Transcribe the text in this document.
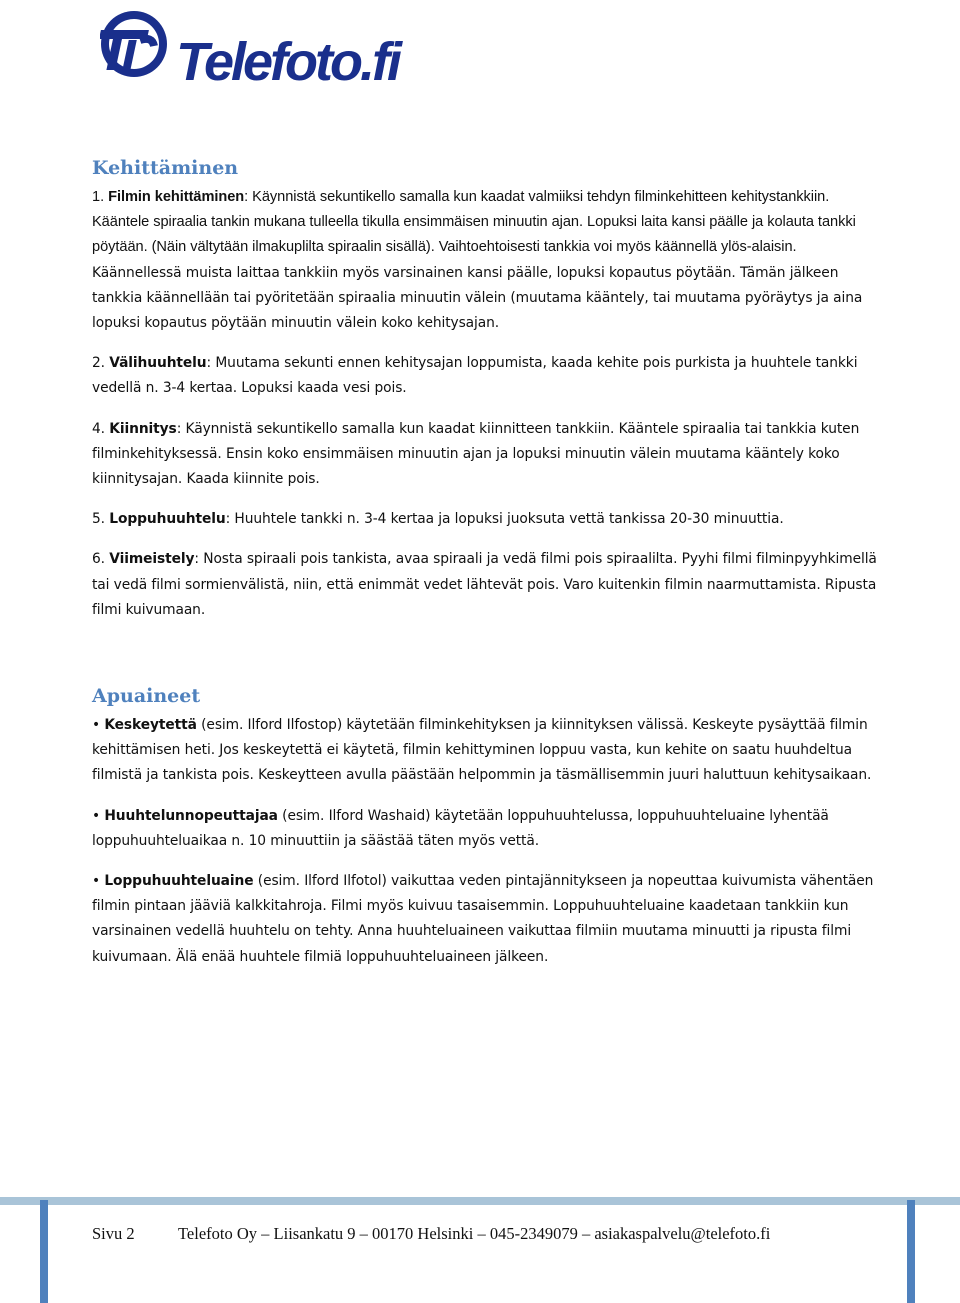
Telefoto.fi
Kehittäminen

1. Filmin kehittäminen: Käynnistä sekuntikello samalla kun kaadat valmiiksi tehdyn filminkehitteen kehitystankkiin. Kääntele spiraalia tankin mukana tulleella tikulla ensimmäisen minuutin ajan. Lopuksi laita kansi päälle ja kolauta tankki pöytään. (Näin vältytään ilmakuplilta spiraalin sisällä). Vaihtoehtoisesti tankkia voi myös käännellä ylös-alaisin. Käännellessä muista laittaa tankkiin myös varsinainen kansi päälle, lopuksi kopautus pöytään. Tämän jälkeen tankkia käännellään tai pyöritetään spiraalia minuutin välein (muutama kääntely, tai muutama pyöräytys ja aina lopuksi kopautus pöytään minuutin välein koko kehitysajan.

2. Välihuuhtelu: Muutama sekunti ennen kehitysajan loppumista, kaada kehite pois purkista ja huuhtele tankki vedellä n. 3-4 kertaa. Lopuksi kaada vesi pois.

4. Kiinnitys: Käynnistä sekuntikello samalla kun kaadat kiinnitteen tankkiin. Kääntele spiraalia tai tankkia kuten filminkehityksessä. Ensin koko ensimmäisen minuutin ajan ja lopuksi minuutin välein muutama kääntely koko kiinnitysajan. Kaada kiinnite pois.

5. Loppuhuuhtelu: Huuhtele tankki n. 3-4 kertaa ja lopuksi juoksuta vettä tankissa 20-30 minuuttia.

6. Viimeistely: Nosta spiraali pois tankista, avaa spiraali ja vedä filmi pois spiraalilta. Pyyhi filmi filminpyyhkimellä tai vedä filmi sormienvälistä, niin, että enimmät vedet lähtevät pois. Varo kuitenkin filmin naarmuttamista. Ripusta filmi kuivumaan.

Apuaineet

• Keskeytettä (esim. Ilford Ilfostop) käytetään filminkehityksen ja kiinnityksen välissä. Keskeyte pysäyttää filmin kehittämisen heti. Jos keskeytettä ei käytetä, filmin kehittyminen loppuu vasta, kun kehite on saatu huuhdeltua filmistä ja tankista pois. Keskeytteen avulla päästään helpommin ja täsmällisemmin juuri haluttuun kehitysaikaan.

• Huuhtelunnopeuttajaa (esim. Ilford Washaid) käytetään loppuhuuhtelussa, loppuhuuhteluaine lyhentää loppuhuuhteluaikaa n. 10 minuuttiin ja säästää täten myös vettä.

• Loppuhuuhteluaine (esim. Ilford Ilfotol) vaikuttaa veden pintajännitykseen ja nopeuttaa kuivumista vähentäen filmin pintaan jääviä kalkkitahroja. Filmi myös kuivuu tasaisemmin. Loppuhuuhteluaine kaadetaan tankkiin kun varsinainen vedellä huuhtelu on tehty. Anna huuhteluaineen vaikuttaa filmiin muutama minuutti ja ripusta filmi kuivumaan. Älä enää huuhtele filmiä loppuhuuhteluaineen jälkeen.

Sivu 2	Telefoto Oy – Liisankatu 9 – 00170 Helsinki – 045-2349079 – asiakaspalvelu@telefoto.fi
